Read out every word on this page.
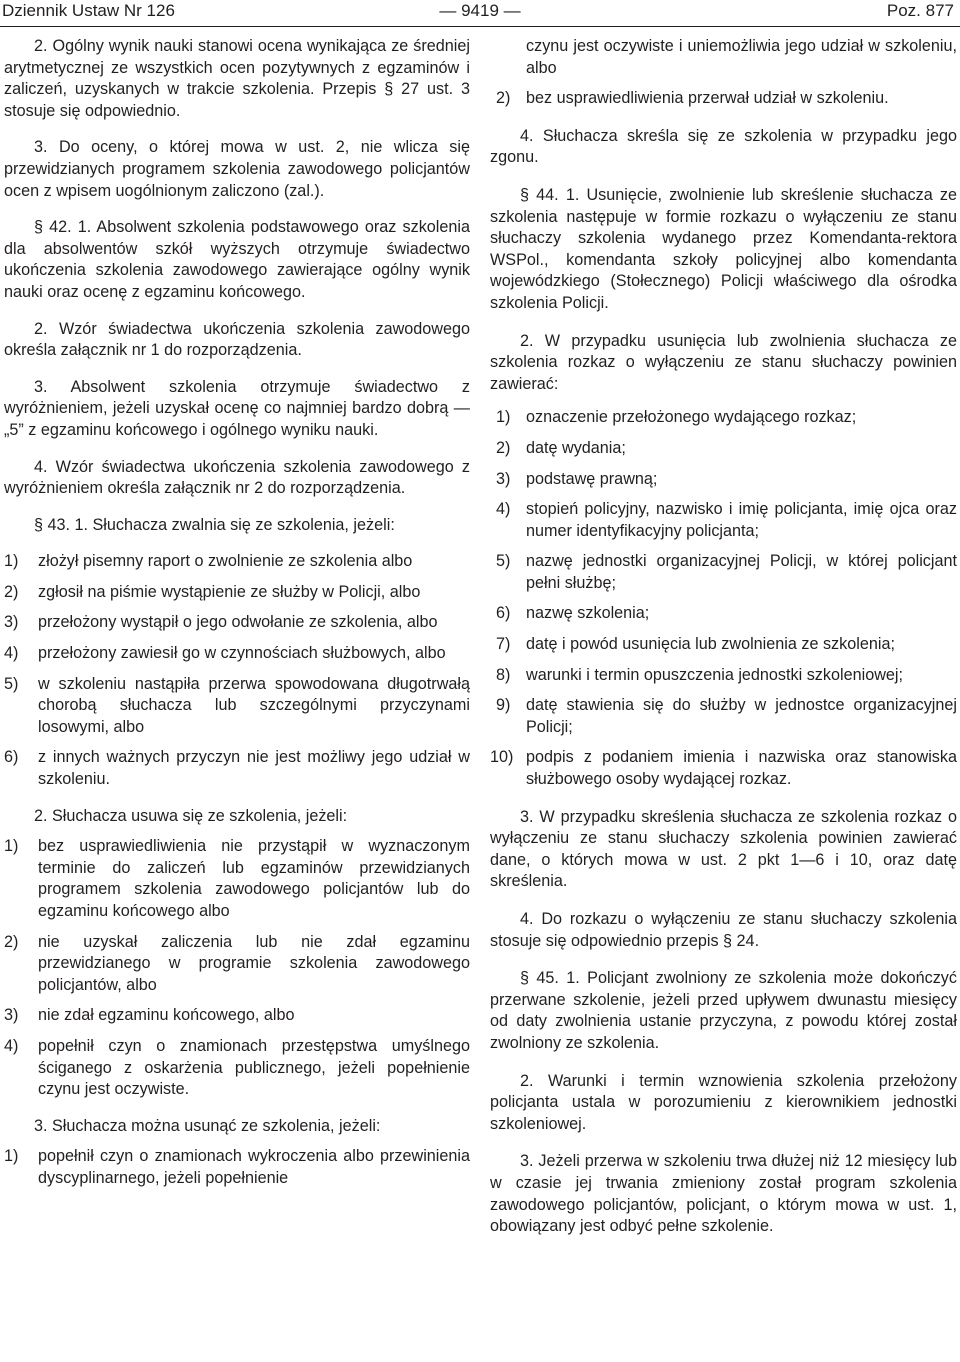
Dziennik Ustaw Nr 126	— 9419 —	Poz. 877

2. Ogólny wynik nauki stanowi ocena wynikająca ze średniej arytmetycznej ze wszystkich ocen pozytywnych z egzaminów i zaliczeń, uzyskanych w trakcie szkolenia. Przepis § 27 ust. 3 stosuje się odpowiednio.

3. Do oceny, o której mowa w ust. 2, nie wlicza się przewidzianych programem szkolenia zawodowego policjantów ocen z wpisem uogólnionym zaliczono (zal.).

§ 42. 1. Absolwent szkolenia podstawowego oraz szkolenia dla absolwentów szkół wyższych otrzymuje świadectwo ukończenia szkolenia zawodowego zawierające ogólny wynik nauki oraz ocenę z egzaminu końcowego.

2. Wzór świadectwa ukończenia szkolenia zawodowego określa załącznik nr 1 do rozporządzenia.

3. Absolwent szkolenia otrzymuje świadectwo z wyróżnieniem, jeżeli uzyskał ocenę co najmniej bardzo dobrą — „5” z egzaminu końcowego i ogólnego wyniku nauki.

4. Wzór świadectwa ukończenia szkolenia zawodowego z wyróżnieniem określa załącznik nr 2 do rozporządzenia.

§ 43. 1. Słuchacza zwalnia się ze szkolenia, jeżeli:

1) złożył pisemny raport o zwolnienie ze szkolenia albo
2) zgłosił na piśmie wystąpienie ze służby w Policji, albo
3) przełożony wystąpił o jego odwołanie ze szkolenia, albo
4) przełożony zawiesił go w czynnościach służbowych, albo
5) w szkoleniu nastąpiła przerwa spowodowana długotrwałą chorobą słuchacza lub szczególnymi przyczynami losowymi, albo
6) z innych ważnych przyczyn nie jest możliwy jego udział w szkoleniu.

2. Słuchacza usuwa się ze szkolenia, jeżeli:

1) bez usprawiedliwienia nie przystąpił w wyznaczonym terminie do zaliczeń lub egzaminów przewidzianych programem szkolenia zawodowego policjantów lub do egzaminu końcowego albo
2) nie uzyskał zaliczenia lub nie zdał egzaminu przewidzianego w programie szkolenia zawodowego policjantów, albo
3) nie zdał egzaminu końcowego, albo
4) popełnił czyn o znamionach przestępstwa umyślnego ściganego z oskarżenia publicznego, jeżeli popełnienie czynu jest oczywiste.

3. Słuchacza można usunąć ze szkolenia, jeżeli:

1) popełnił czyn o znamionach wykroczenia albo przewinienia dyscyplinarnego, jeżeli popełnienie
czynu jest oczywiste i uniemożliwia jego udział w szkoleniu, albo
2) bez usprawiedliwienia przerwał udział w szkoleniu.

4. Słuchacza skreśla się ze szkolenia w przypadku jego zgonu.

§ 44. 1. Usunięcie, zwolnienie lub skreślenie słuchacza ze szkolenia następuje w formie rozkazu o wyłączeniu ze stanu słuchaczy szkolenia wydanego przez Komendanta-rektora WSPol., komendanta szkoły policyjnej albo komendanta wojewódzkiego (Stołecznego) Policji właściwego dla ośrodka szkolenia Policji.

2. W przypadku usunięcia lub zwolnienia słuchacza ze szkolenia rozkaz o wyłączeniu ze stanu słuchaczy powinien zawierać:

1) oznaczenie przełożonego wydającego rozkaz;
2) datę wydania;
3) podstawę prawną;
4) stopień policyjny, nazwisko i imię policjanta, imię ojca oraz numer identyfikacyjny policjanta;
5) nazwę jednostki organizacyjnej Policji, w której policjant pełni służbę;
6) nazwę szkolenia;
7) datę i powód usunięcia lub zwolnienia ze szkolenia;
8) warunki i termin opuszczenia jednostki szkoleniowej;
9) datę stawienia się do służby w jednostce organizacyjnej Policji;
10) podpis z podaniem imienia i nazwiska oraz stanowiska służbowego osoby wydającej rozkaz.

3. W przypadku skreślenia słuchacza ze szkolenia rozkaz o wyłączeniu ze stanu słuchaczy szkolenia powinien zawierać dane, o których mowa w ust. 2 pkt 1—6 i 10, oraz datę skreślenia.

4. Do rozkazu o wyłączeniu ze stanu słuchaczy szkolenia stosuje się odpowiednio przepis § 24.

§ 45. 1. Policjant zwolniony ze szkolenia może dokończyć przerwane szkolenie, jeżeli przed upływem dwunastu miesięcy od daty zwolnienia ustanie przyczyna, z powodu której został zwolniony ze szkolenia.

2. Warunki i termin wznowienia szkolenia przełożony policjanta ustala w porozumieniu z kierownikiem jednostki szkoleniowej.

3. Jeżeli przerwa w szkoleniu trwa dłużej niż 12 miesięcy lub w czasie jej trwania zmieniony został program szkolenia zawodowego policjantów, policjant, o którym mowa w ust. 1, obowiązany jest odbyć pełne szkolenie.
